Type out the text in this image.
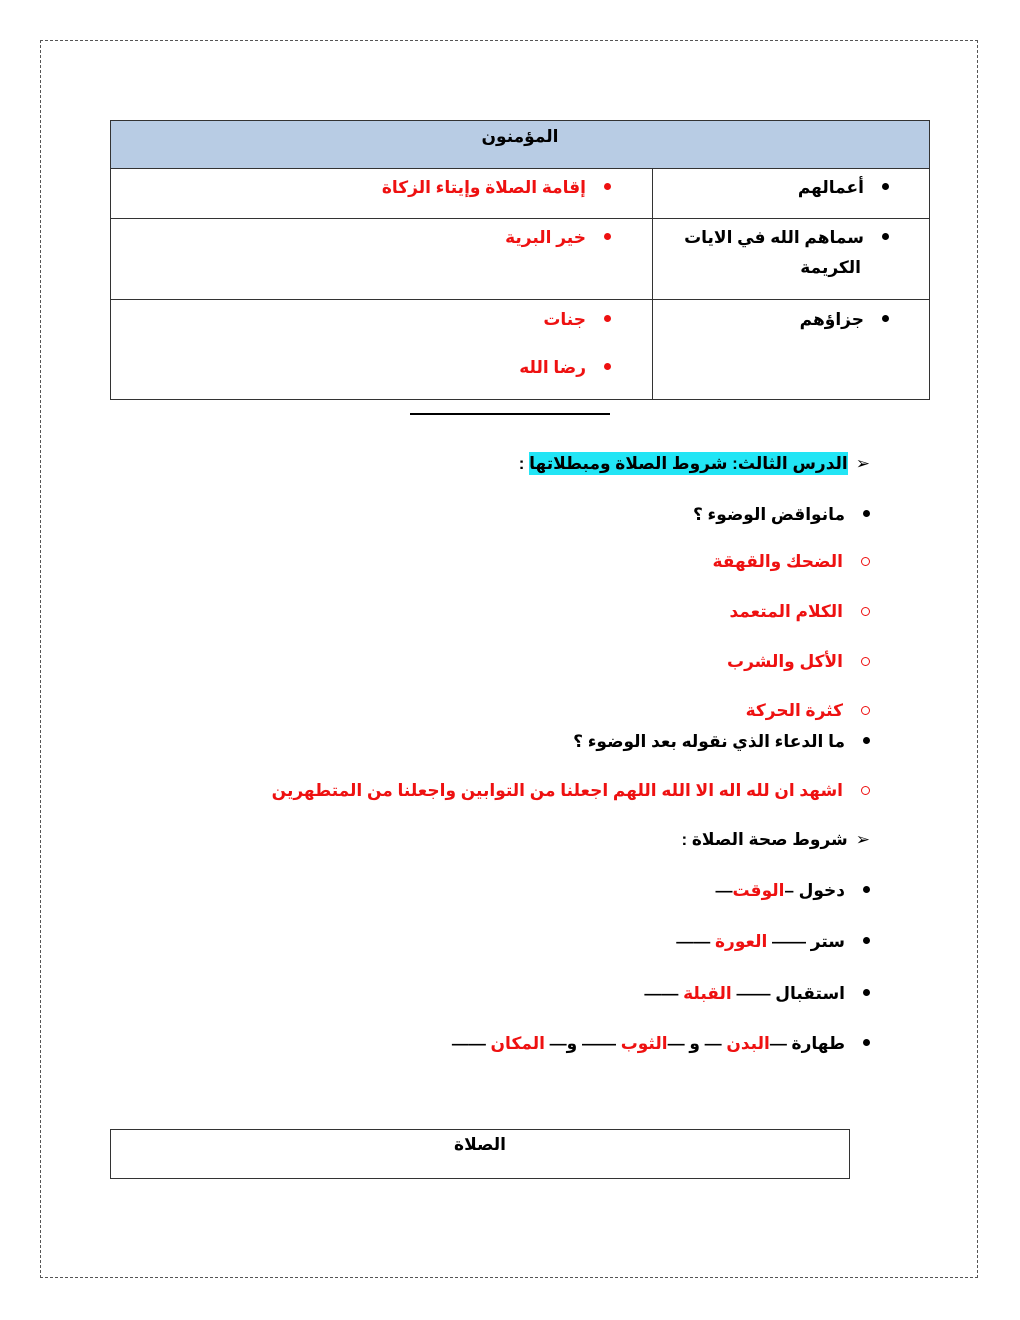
المؤمنون
أعمالهم
إقامة الصلاة وإيتاء الزكاة
سماهم الله في الايات
الكريمة
خير البرية
جزاؤهم
جنات
رضا الله
➢الدرس الثالث: شروط الصلاة ومبطلاتها :
مانواقض الوضوء ؟
الضحك والقهقة
الكلام المتعمد
الأكل والشرب
كثرة الحركة
ما الدعاء الذي نقوله بعد الوضوء ؟
اشهد ان لله اله الا الله اللهم اجعلنا من التوابين واجعلنا من المتطهرين
➢شروط صحة الصلاة :
دخول –الوقت—
ستر —— العورة ——
استقبال —— القبلة ——
طهارة —البدن — و —الثوب —— و— المكان ——
الصلاة
